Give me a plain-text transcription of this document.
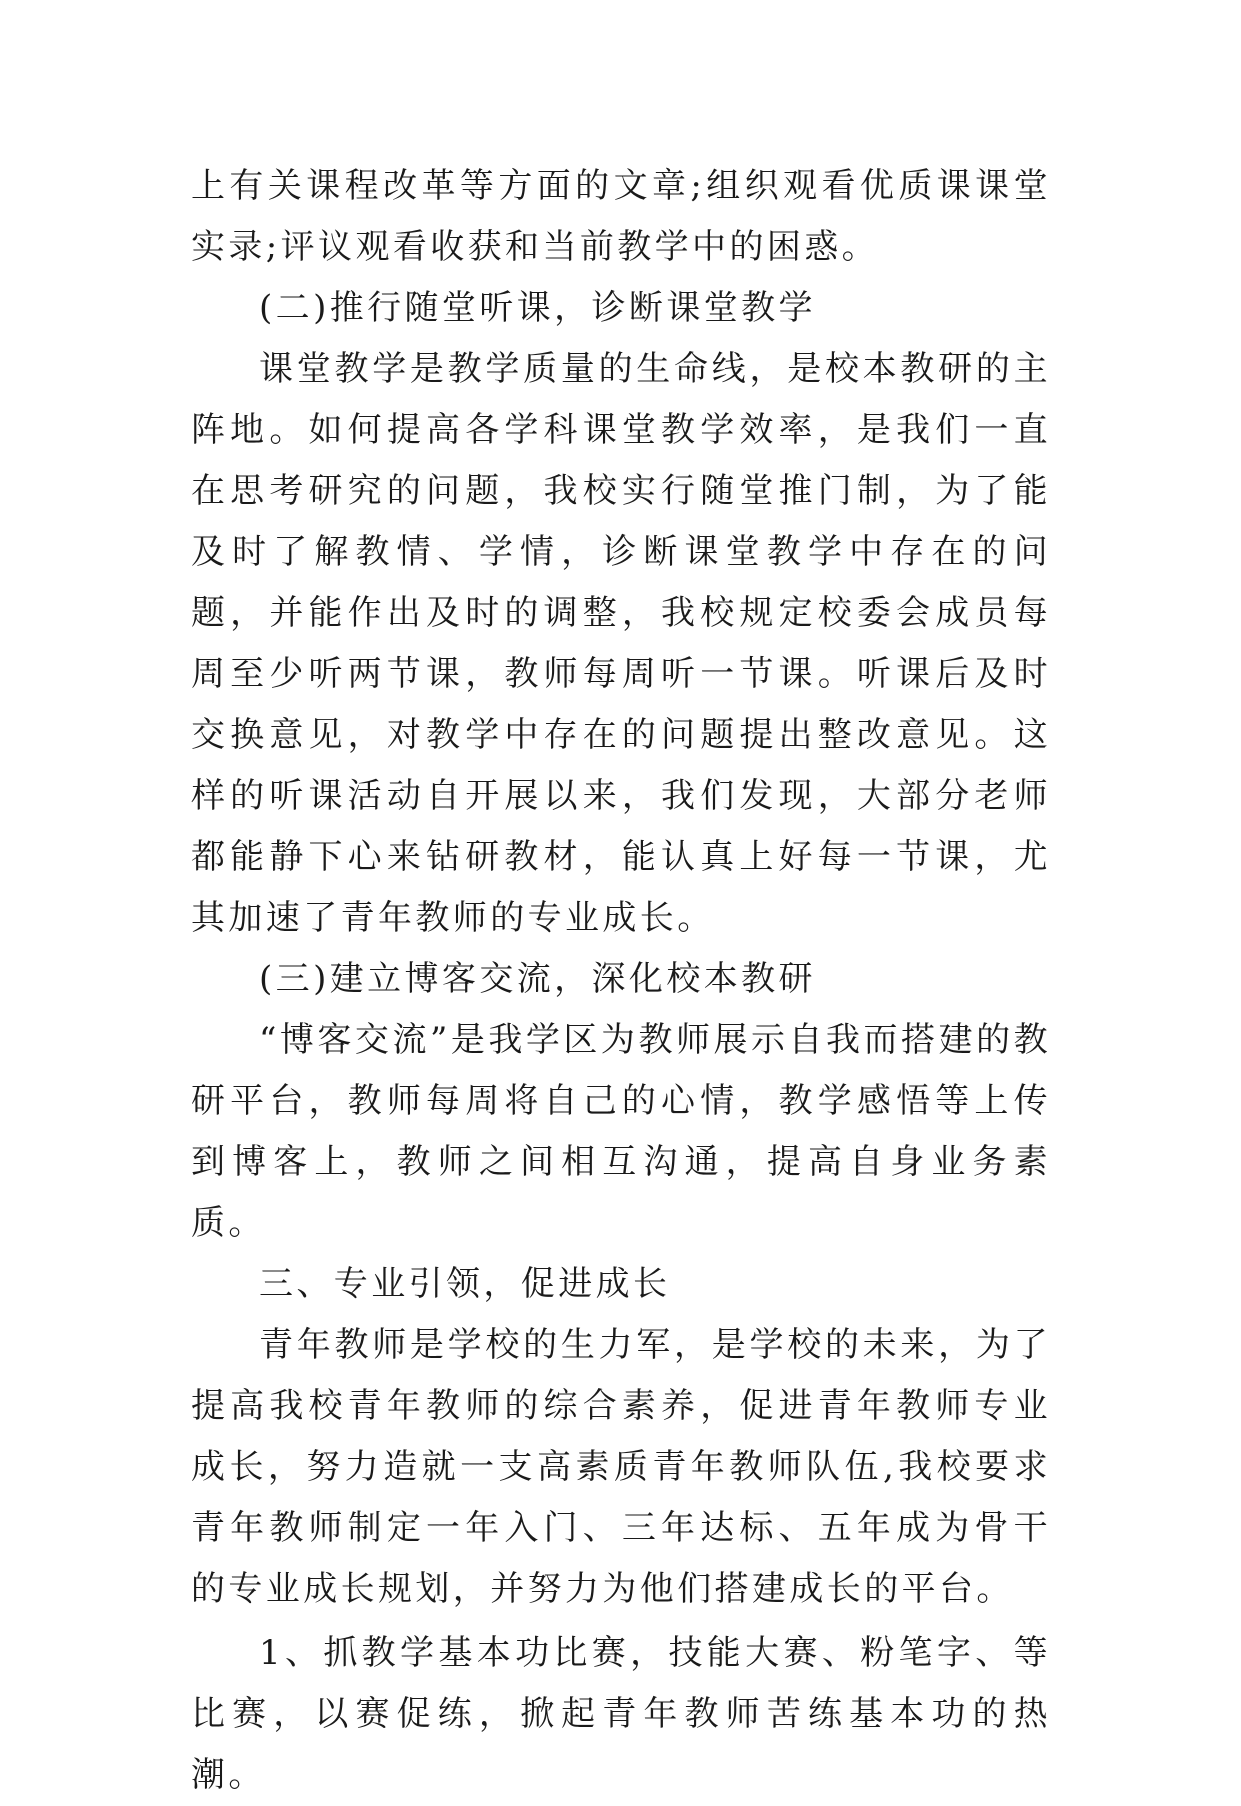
上有关课程改革等方面的文章;组织观看优质课课堂实录;评议观看收获和当前教学中的困惑。

(二)推行随堂听课，诊断课堂教学

课堂教学是教学质量的生命线，是校本教研的主阵地。如何提高各学科课堂教学效率，是我们一直在思考研究的问题，我校实行随堂推门制，为了能及时了解教情、学情，诊断课堂教学中存在的问题，并能作出及时的调整，我校规定校委会成员每周至少听两节课，教师每周听一节课。听课后及时交换意见，对教学中存在的问题提出整改意见。这样的听课活动自开展以来，我们发现，大部分老师都能静下心来钻研教材，能认真上好每一节课，尤其加速了青年教师的专业成长。

(三)建立博客交流，深化校本教研

“博客交流”是我学区为教师展示自我而搭建的教研平台，教师每周将自己的心情，教学感悟等上传到博客上，教师之间相互沟通，提高自身业务素质。

三、专业引领，促进成长

青年教师是学校的生力军，是学校的未来，为了提高我校青年教师的综合素养，促进青年教师专业成长，努力造就一支高素质青年教师队伍,我校要求青年教师制定一年入门、三年达标、五年成为骨干的专业成长规划，并努力为他们搭建成长的平台。

1、抓教学基本功比赛，技能大赛、粉笔字、等比赛，以赛促练，掀起青年教师苦练基本功的热潮。
